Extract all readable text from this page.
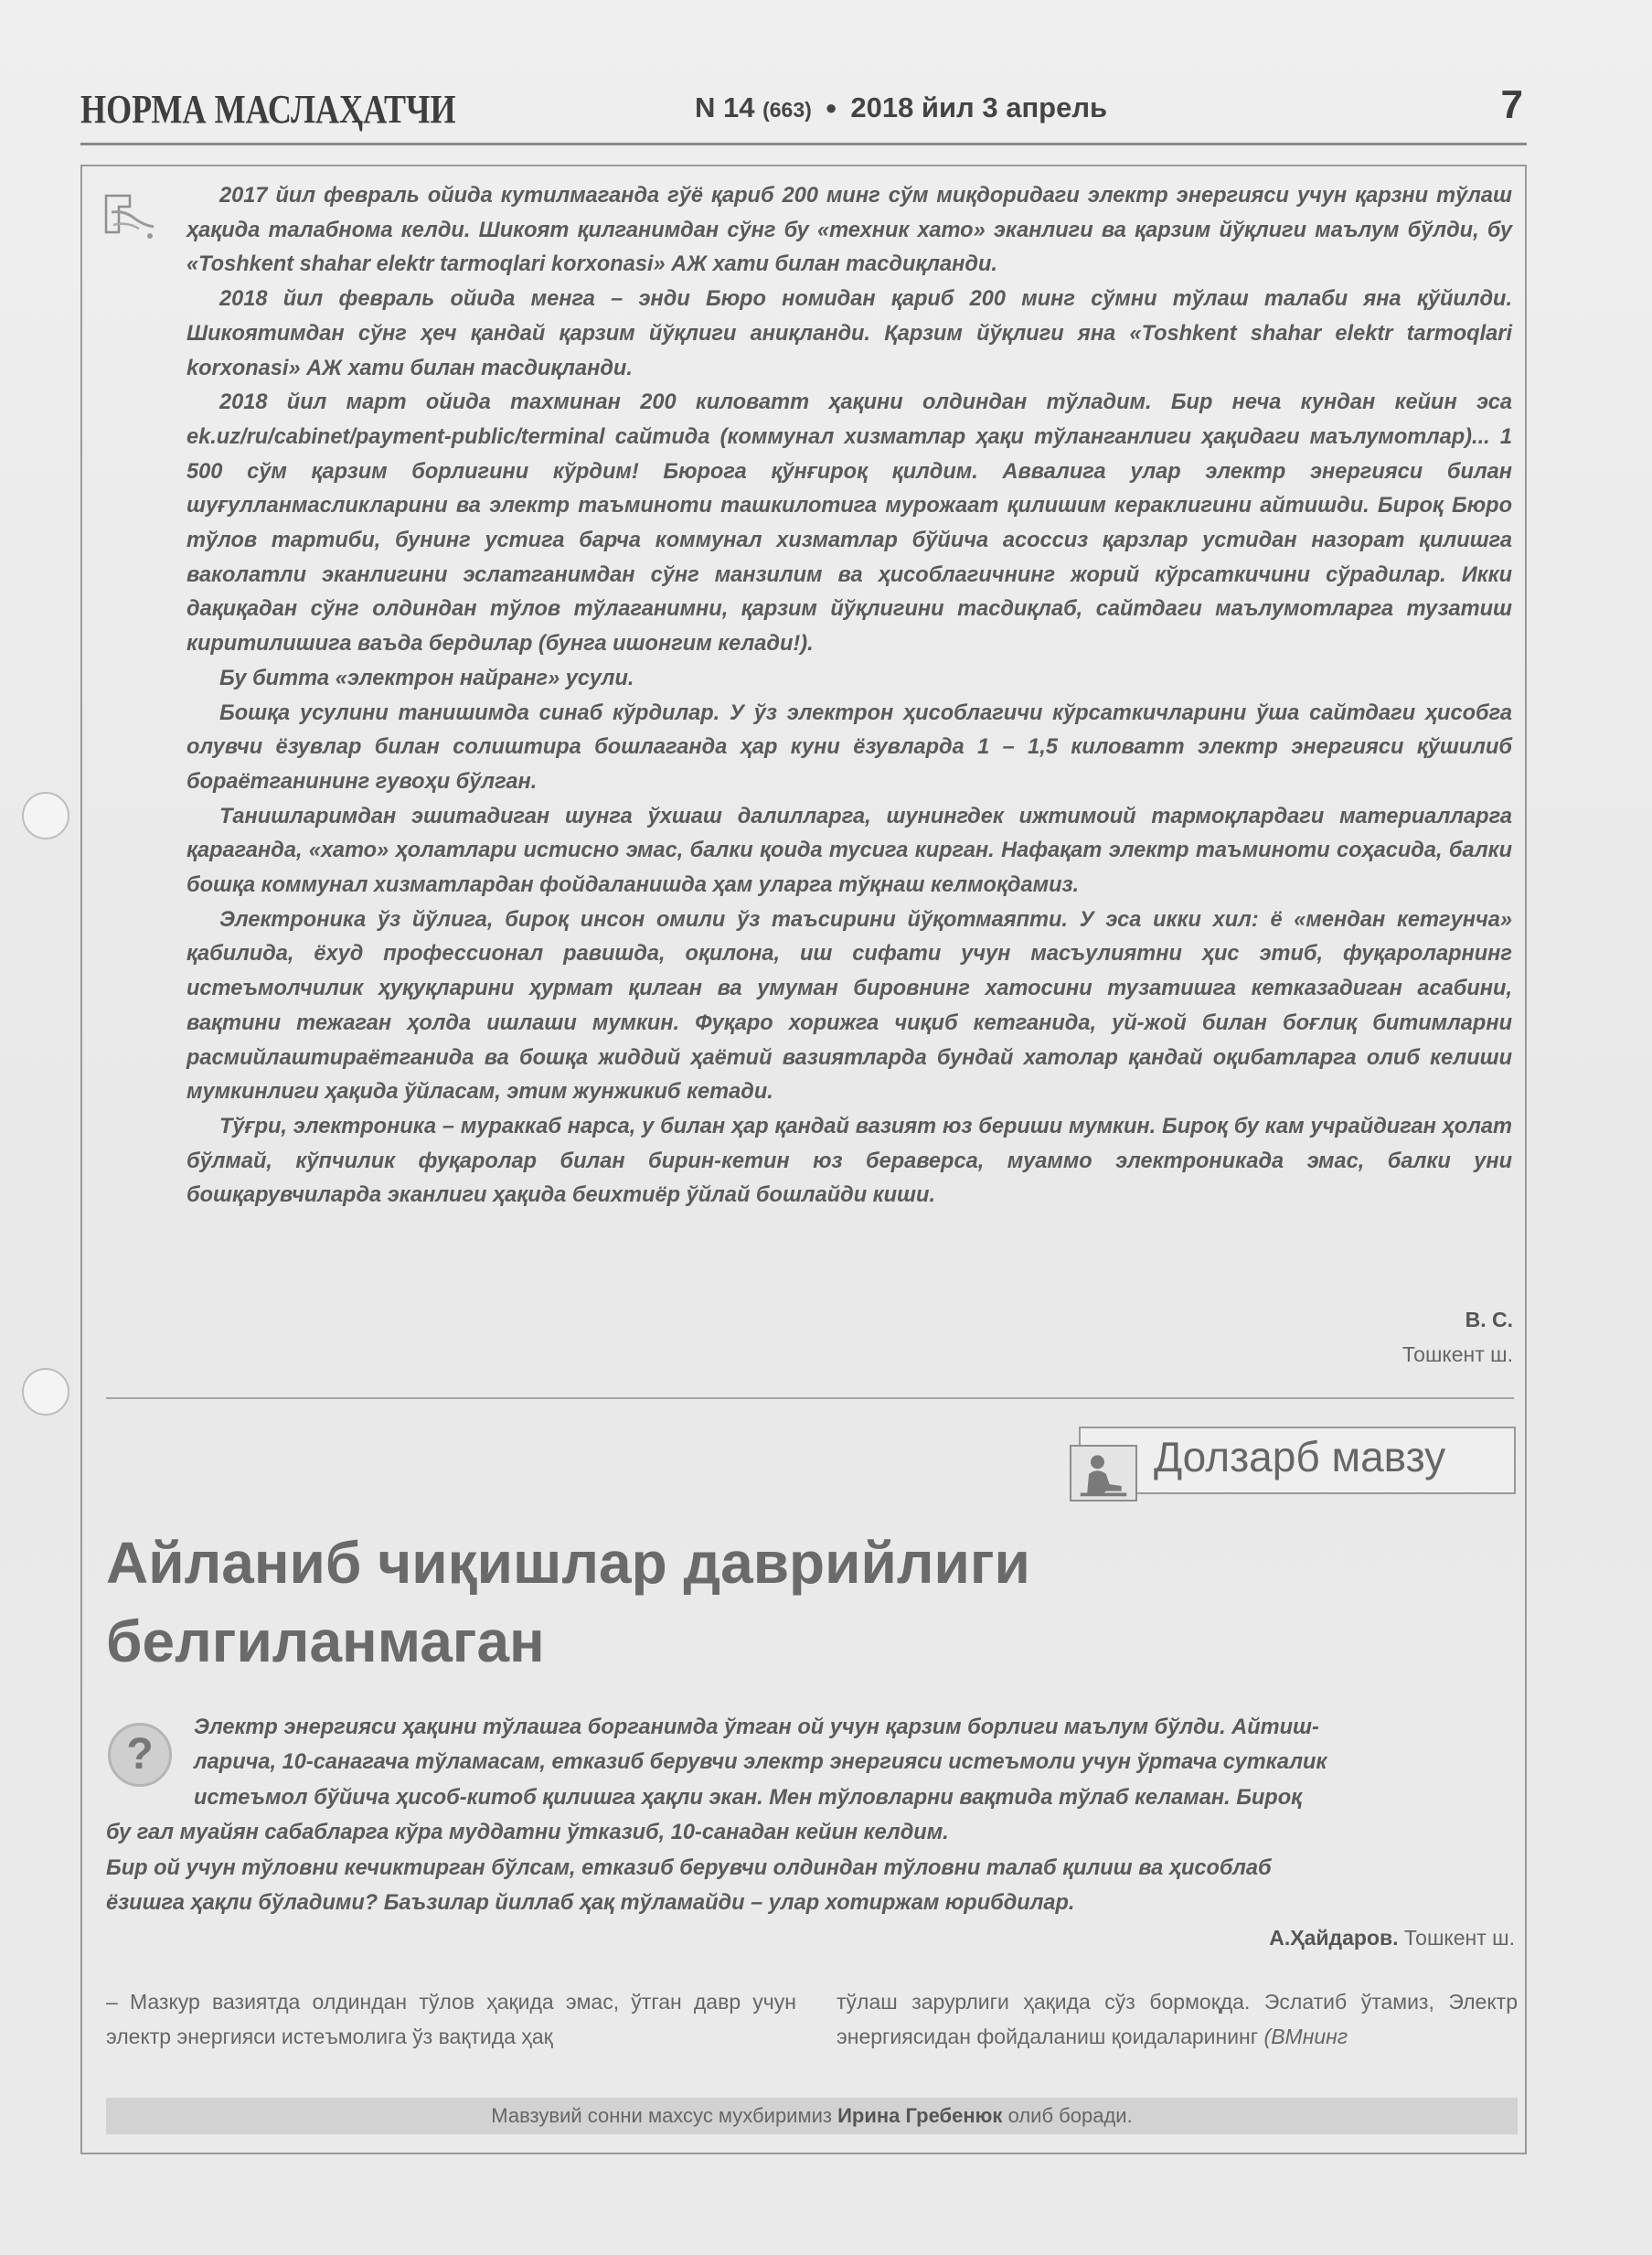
НОРМА МАСЛАҲАТЧИ	N 14 (663) ● 2018 йил 3 апрель	7

2017 йил февраль ойида кутилмаганда гўё қариб 200 минг сўм миқдоридаги электр энергияси учун қарзни тўлаш ҳақида талабнома келди. Шикоят қилганимдан сўнг бу «техник хато» эканлиги ва қарзим йўқлиги маълум бўлди, бу «Toshkent shahar elektr tarmoqlari korxonasi» АЖ хати билан тасдиқланди.

2018 йил февраль ойида менга – энди Бюро номидан қариб 200 минг сўмни тўлаш талаби яна қўйилди. Шикоятимдан сўнг ҳеч қандай қарзим йўқлиги аниқланди. Қарзим йўқлиги яна «Toshkent shahar elektr tarmoqlari korxonasi» АЖ хати билан тасдиқланди.

2018 йил март ойида тахминан 200 киловатт ҳақини олдиндан тўладим. Бир неча кундан кейин эса ek.uz/ru/cabinet/payment-public/terminal сайтида (коммунал хизматлар ҳақи тўланганлиги ҳақидаги маълумотлар)... 1 500 сўм қарзим борлигини кўрдим! Бюрога қўнғироқ қилдим. Аввалига улар электр энергияси билан шуғулланмасликларини ва электр таъминоти ташкилотига мурожаат қилишим кераклигини айтишди. Бироқ Бюро тўлов тартиби, бунинг устига барча коммунал хизматлар бўйича асоссиз қарзлар устидан назорат қилишга ваколатли эканлигини эслатганимдан сўнг манзилим ва ҳисоблагичнинг жорий кўрсаткичини сўрадилар. Икки дақиқадан сўнг олдиндан тўлов тўлаганимни, қарзим йўқлигини тасдиқлаб, сайтдаги маълумотларга тузатиш киритилишига ваъда бердилар (бунга ишонгим келади!).

Бу битта «электрон найранг» усули.

Бошқа усулини танишимда синаб кўрдилар. У ўз электрон ҳисоблагичи кўрсаткичларини ўша сайтдаги ҳисобга олувчи ёзувлар билан солиштира бошлаганда ҳар куни ёзувларда 1 – 1,5 киловатт электр энергияси қўшилиб бораётганининг гувоҳи бўлган.

Танишларимдан эшитадиган шунга ўхшаш далилларга, шунингдек ижтимоий тармоқлардаги материалларга қараганда, «хато» ҳолатлари истисно эмас, балки қоида тусига кирган. Нафақат электр таъминоти соҳасида, балки бошқа коммунал хизматлардан фойдаланишда ҳам уларга тўқнаш келмоқдамиз.

Электроника ўз йўлига, бироқ инсон омили ўз таъсирини йўқотмаяпти. У эса икки хил: ё «мендан кетгунча» қабилида, ёхуд профессионал равишда, оқилона, иш сифати учун масъулиятни ҳис этиб, фуқароларнинг истеъмолчилик ҳуқуқларини ҳурмат қилган ва умуман бировнинг хатосини тузатишга кетказадиган асабини, вақтини тежаган ҳолда ишлаши мумкин. Фуқаро хорижга чиқиб кетганида, уй-жой билан боғлиқ битимларни расмийлаштираётганида ва бошқа жиддий ҳаётий вазиятларда бундай хатолар қандай оқибатларга олиб келиши мумкинлиги ҳақида ўйласам, этим жунжикиб кетади.

Тўғри, электроника – мураккаб нарса, у билан ҳар қандай вазият юз бериши мумкин. Бироқ бу кам учрайдиган ҳолат бўлмай, кўпчилик фуқаролар билан бирин-кетин юз бераверса, муаммо электроникада эмас, балки уни бошқарувчиларда эканлиги ҳақида беихтиёр ўйлай бошлайди киши.

В. С.
Тошкент ш.
Долзарб мавзу
Айланиб чиқишлар даврийлиги
белгиланмаган
?

Электр энергияси ҳақини тўлашга борганимда ўтган ой учун қарзим борлиги маълум бўлди. Айтиш-

ларича, 10-санагача тўламасам, етказиб берувчи электр энергияси истеъмоли учун ўртача суткалик

истеъмол бўйича ҳисоб-китоб қилишга ҳақли экан. Мен тўловларни вақтида тўлаб келаман. Бироқ

бу гал муайян сабабларга кўра муддатни ўтказиб, 10-санадан кейин келдим.

Бир ой учун тўловни кечиктирган бўлсам, етказиб берувчи олдиндан тўловни талаб қилиш ва ҳисоблаб

ёзишга ҳақли бўладими? Баъзилар йиллаб ҳақ тўламайди – улар хотиржам юрибдилар.

А.Ҳайдаров. Тошкент ш.
– Мазкур вазиятда олдиндан тўлов ҳақида эмас, ўтган давр учун электр энергияси истеъмолига ўз вақтида ҳақ
тўлаш зарурлиги ҳақида сўз бормоқда. Эслатиб ўтамиз, Электр энергиясидан фойдаланиш қоидаларининг (ВМнинг
Мавзувий сонни махсус мухбиримиз Ирина Гребенюк олиб боради.
